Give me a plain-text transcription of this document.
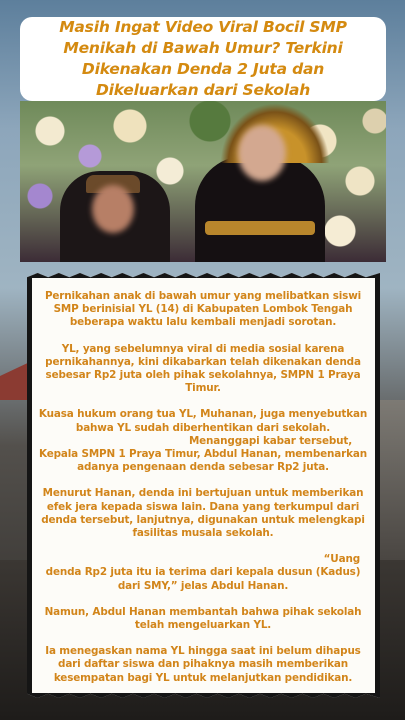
Masih Ingat Video Viral Bocil SMP Menikah di Bawah Umur? Terkini Dikenakan Denda 2 Juta dan Dikeluarkan dari Sekolah

Pernikahan anak di bawah umur yang melibatkan siswi SMP berinisial YL (14) di Kabupaten Lombok Tengah beberapa waktu lalu kembali menjadi sorotan.

YL, yang sebelumnya viral di media sosial karena pernikahannya, kini dikabarkan telah dikenakan denda sebesar Rp2 juta oleh pihak sekolahnya, SMPN 1 Praya Timur.

Kuasa hukum orang tua YL, Muhanan, juga menyebutkan bahwa YL sudah diberhentikan dari sekolah.

Menanggapi kabar tersebut,

Kepala SMPN 1 Praya Timur, Abdul Hanan, membenarkan adanya pengenaan denda sebesar Rp2 juta.

Menurut Hanan, denda ini bertujuan untuk memberikan efek jera kepada siswa lain. Dana yang terkumpul dari denda tersebut, lanjutnya, digunakan untuk melengkapi fasilitas musala sekolah.

“Uang

denda Rp2 juta itu ia terima dari kepala dusun (Kadus) dari SMY,” jelas Abdul Hanan.

Namun, Abdul Hanan membantah bahwa pihak sekolah telah mengeluarkan YL.

Ia menegaskan nama YL hingga saat ini belum dihapus dari daftar siswa dan pihaknya masih memberikan kesempatan bagi YL untuk melanjutkan pendidikan.
